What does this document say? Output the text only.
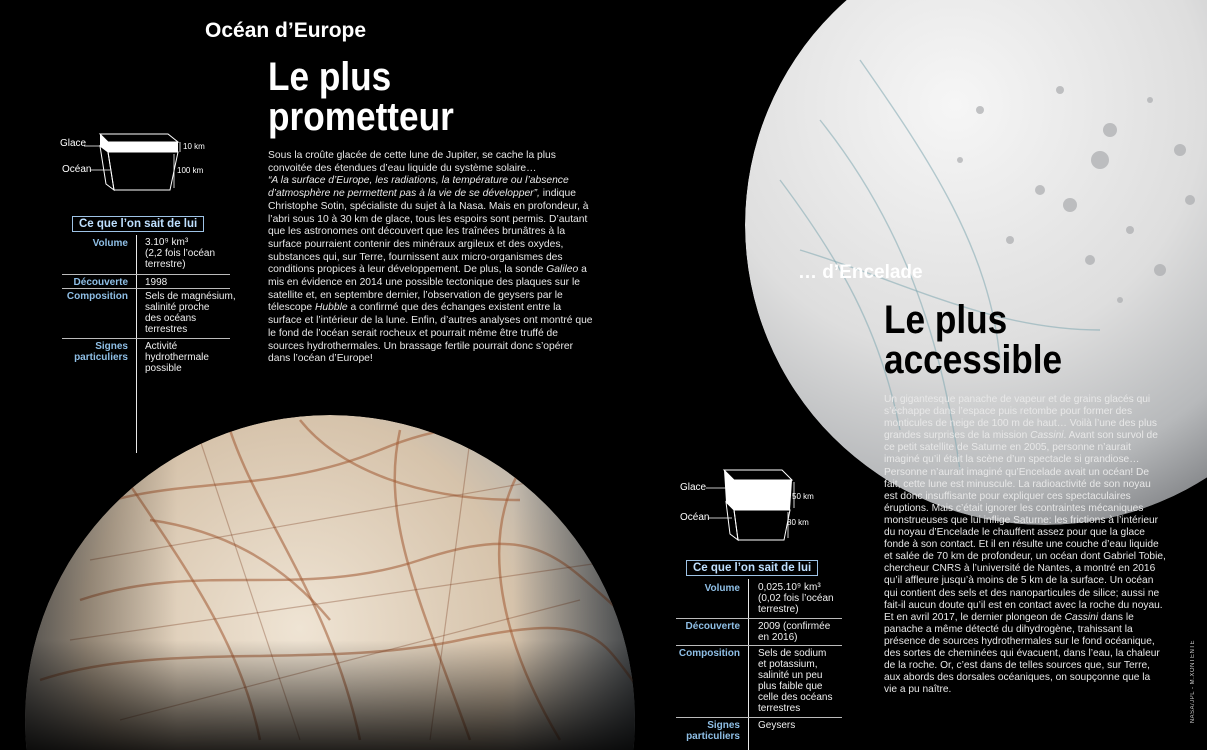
Océan d’Europe
Le plus
prometteur
Glace
Océan
10 km
100 km
Ce que l’on sait de lui
Volume 3.10⁹ km³
(2,2 fois l’océan
terrestre)
Découverte 1998
Composition Sels de magnésium,
salinité proche
des océans
terrestres
Signes
particuliers
Activité
hydrothermale
possible

Sous la croûte glacée de cette lune de Jupiter, se cache la plus convoitée des étendues d’eau liquide du système solaire…

“A la surface d’Europe, les radiations, la température ou l’absence d’atmosphère ne permettent pas à la vie de se développer”, indique Christophe Sotin, spécialiste du sujet à la Nasa. Mais en profondeur, à l’abri sous 10 à 30 km de glace, tous les espoirs sont permis. D’autant que les astronomes ont découvert que les traînées brunâtres à la surface pourraient contenir des minéraux argileux et des oxydes, substances qui, sur Terre, fournissent aux micro-organismes des conditions propices à leur développement. De plus, la sonde Galileo a mis en évidence en 2014 une possible tectonique des plaques sur le satellite et, en septembre dernier, l’observation de geysers par le télescope Hubble a confirmé que des échanges existent entre la surface et l’intérieur de la lune. Enfin, d’autres analyses ont montré que le fond de l’océan serait rocheux et pourrait même être truffé de sources hydrothermales. Un brassage fertile pourrait donc s’opérer dans l’océan d’Europe!

… d’Encelade
Le plus
accessible
Glace
Océan
50 km
80 km
Ce que l’on sait de lui
Volume 0,025.10⁹ km³
(0,02 fois l’océan
terrestre)
Découverte 2009 (confirmée
en 2016)
Composition Sels de sodium
et potassium,
salinité un peu
plus faible que
celle des océans
terrestres
Signes
particuliers
Geysers

Un gigantesque panache de vapeur et de grains glacés qui s’échappe dans l’espace puis retombe pour former des monticules de neige de 100 m de haut… Voilà l’une des plus grandes surprises de la mission Cassini. Avant son survol de ce petit satellite de Saturne en 2005, personne n’aurait imaginé qu’il était la scène d’un spectacle si grandiose… Personne n’aurait imaginé qu’Encelade avait un océan! De fait, cette lune est minuscule. La radioactivité de son noyau est donc insuffisante pour expliquer ces spectaculaires éruptions. Mais c’était ignorer les contraintes mécaniques monstrueuses que lui inflige Saturne: les frictions à l’intérieur du noyau d’Encelade le chauffent assez pour que la glace fonde à son contact. Et il en résulte une couche d’eau liquide et salée de 70 km de profondeur, un océan dont Gabriel Tobie, chercheur CNRS à l’université de Nantes, a montré en 2016 qu’il affleure jusqu’à moins de 5 km de la surface. Un océan qui contient des sels et des nanoparticules de silice; aussi ne fait-il aucun doute qu’il est en contact avec la roche du noyau. Et en avril 2017, le dernier plongeon de Cassini dans le panache a même détecté du dihydrogène, trahissant la présence de sources hydrothermales sur le fond océanique, des sortes de cheminées qui évacuent, dans l’eau, la chaleur de la roche. Or, c’est dans de telles sources que, sur Terre, aux abords des dorsales océaniques, on soupçonne que la vie a pu naître.	NASA/JPL - M.XONTENTE
